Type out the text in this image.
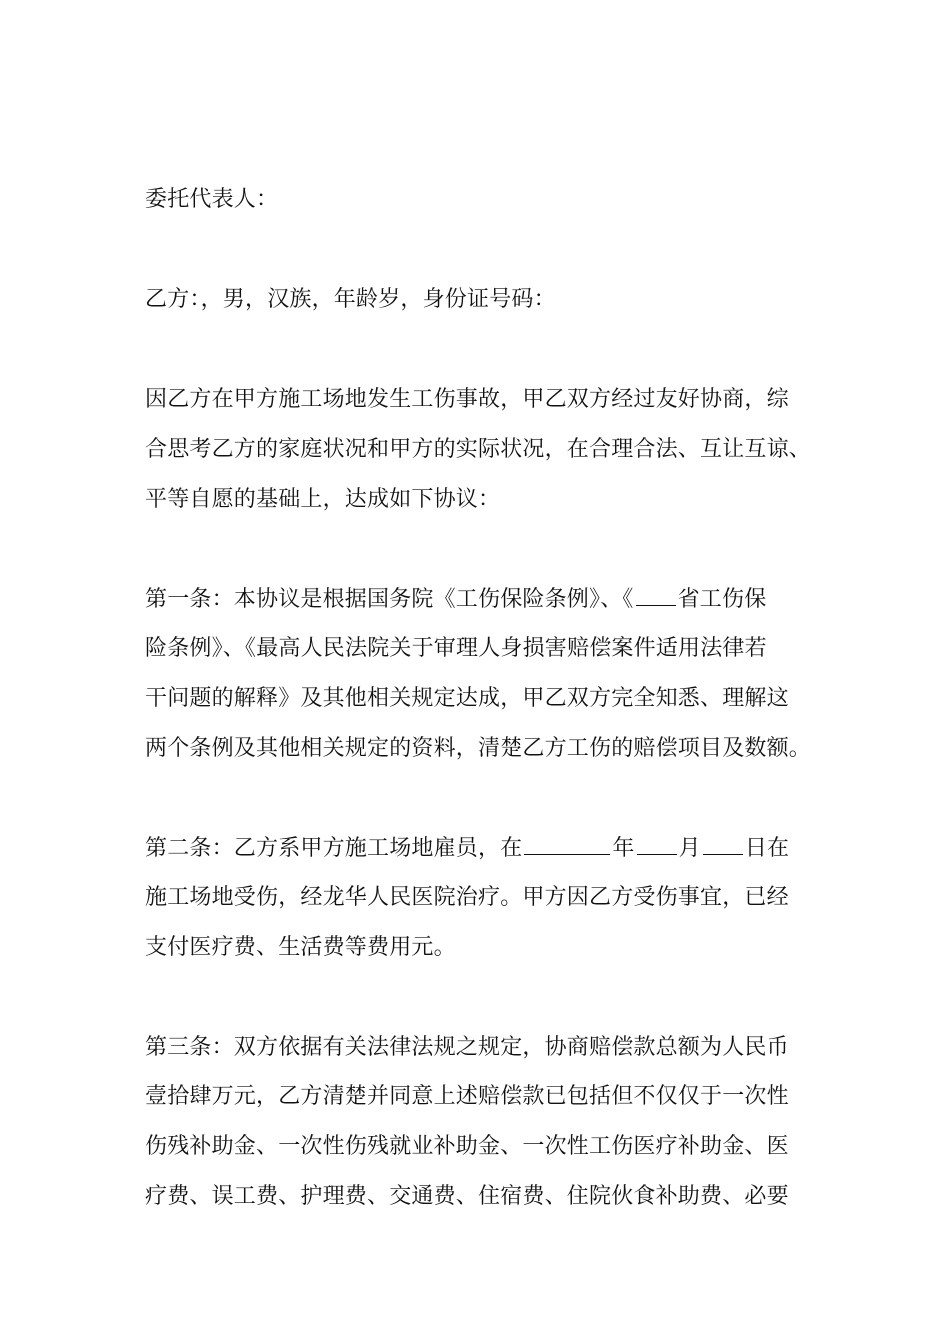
委托代表人：
乙方：，男，汉族，年龄岁，身份证号码：
因乙方在甲方施工场地发生工伤事故，甲乙双方经过友好协商，综
合思考乙方的家庭状况和甲方的实际状况，在合理合法、互让互谅、
平等自愿的基础上，达成如下协议：
第一条：本协议是根据国务院《工伤保险条例》、《 省工伤保
险条例》、《最高人民法院关于审理人身损害赔偿案件适用法律若
干问题的解释》及其他相关规定达成，甲乙双方完全知悉、理解这
两个条例及其他相关规定的资料，清楚乙方工伤的赔偿项目及数额。
第二条：乙方系甲方施工场地雇员，在	年 月 日在
施工场地受伤，经龙华人民医院治疗。甲方因乙方受伤事宜，已经
支付医疗费、生活费等费用元。
第三条：双方依据有关法律法规之规定，协商赔偿款总额为人民币
壹拾肆万元，乙方清楚并同意上述赔偿款已包括但不仅仅于一次性
伤残补助金、一次性伤残就业补助金、一次性工伤医疗补助金、医
疗费、误工费、护理费、交通费、住宿费、住院伙食补助费、必要
